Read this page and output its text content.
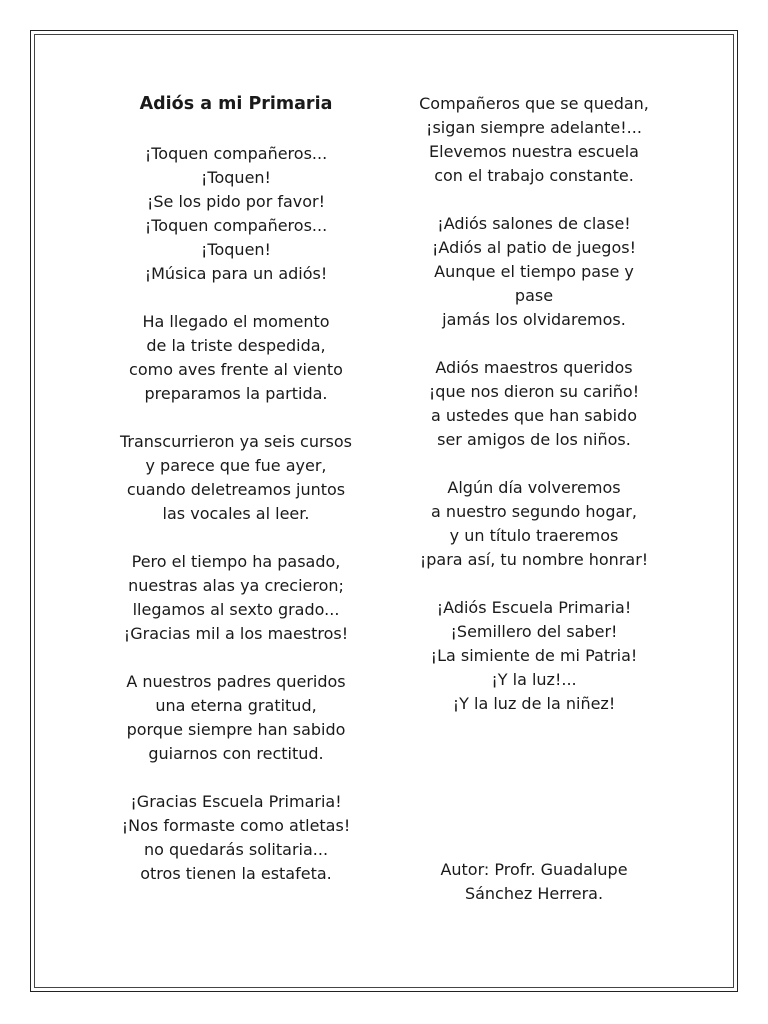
Adiós a mi Primaria
¡Toquen compañeros...
¡Toquen!
¡Se los pido por favor!
¡Toquen compañeros...
¡Toquen!
¡Música para un adiós!
Ha llegado el momento
de la triste despedida,
como aves frente al viento
preparamos la partida.
Transcurrieron ya seis cursos
y parece que fue ayer,
cuando deletreamos juntos
las vocales al leer.
Pero el tiempo ha pasado,
nuestras alas ya crecieron;
llegamos al sexto grado...
¡Gracias mil a los maestros!
A nuestros padres queridos
una eterna gratitud,
porque siempre han sabido
guiarnos con rectitud.
¡Gracias Escuela Primaria!
¡Nos formaste como atletas!
no quedarás solitaria...
otros tienen la estafeta.
Compañeros que se quedan,
¡sigan siempre adelante!...
Elevemos nuestra escuela
con el trabajo constante.
¡Adiós salones de clase!
¡Adiós al patio de juegos!
Aunque el tiempo pase y
pase
jamás los olvidaremos.
Adiós maestros queridos
¡que nos dieron su cariño!
a ustedes que han sabido
ser amigos de los niños.
Algún día volveremos
a nuestro segundo hogar,
y un título traeremos
¡para así, tu nombre honrar!
¡Adiós Escuela Primaria!
¡Semillero del saber!
¡La simiente de mi Patria!
¡Y la luz!...
¡Y la luz de la niñez!
Autor: Profr. Guadalupe
Sánchez Herrera.
